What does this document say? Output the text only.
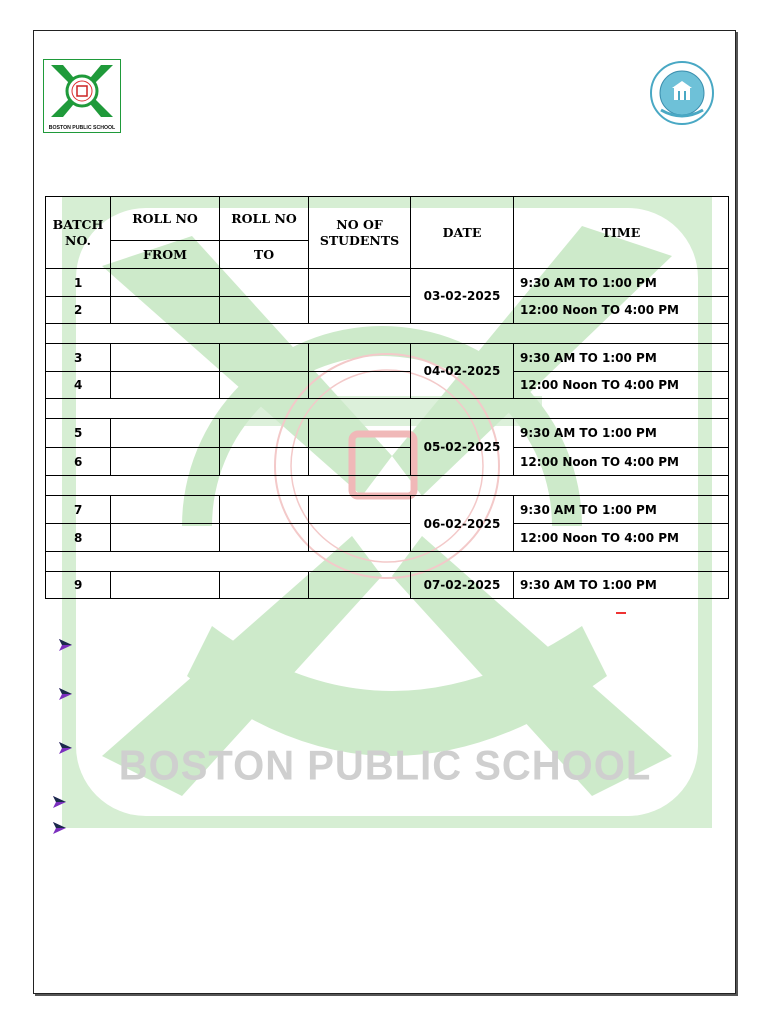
BOSTON PUBLIC SCHOOL
BOSTON PUBLIC SCHOOL
BATCH NO.	ROLL NO	ROLL NO	NO OF STUDENTS	DATE	TIME
	FROM	TO			
1				03-02-2025	9:30 AM TO 1:00 PM
2					12:00 Noon TO 4:00 PM

3				04-02-2025	9:30 AM TO 1:00 PM
4					12:00 Noon TO 4:00 PM

5				05-02-2025	9:30 AM TO 1:00 PM
6					12:00 Noon TO 4:00 PM

7				06-02-2025	9:30 AM TO 1:00 PM
8					12:00 Noon TO 4:00 PM

9				07-02-2025	9:30 AM TO 1:00 PM
